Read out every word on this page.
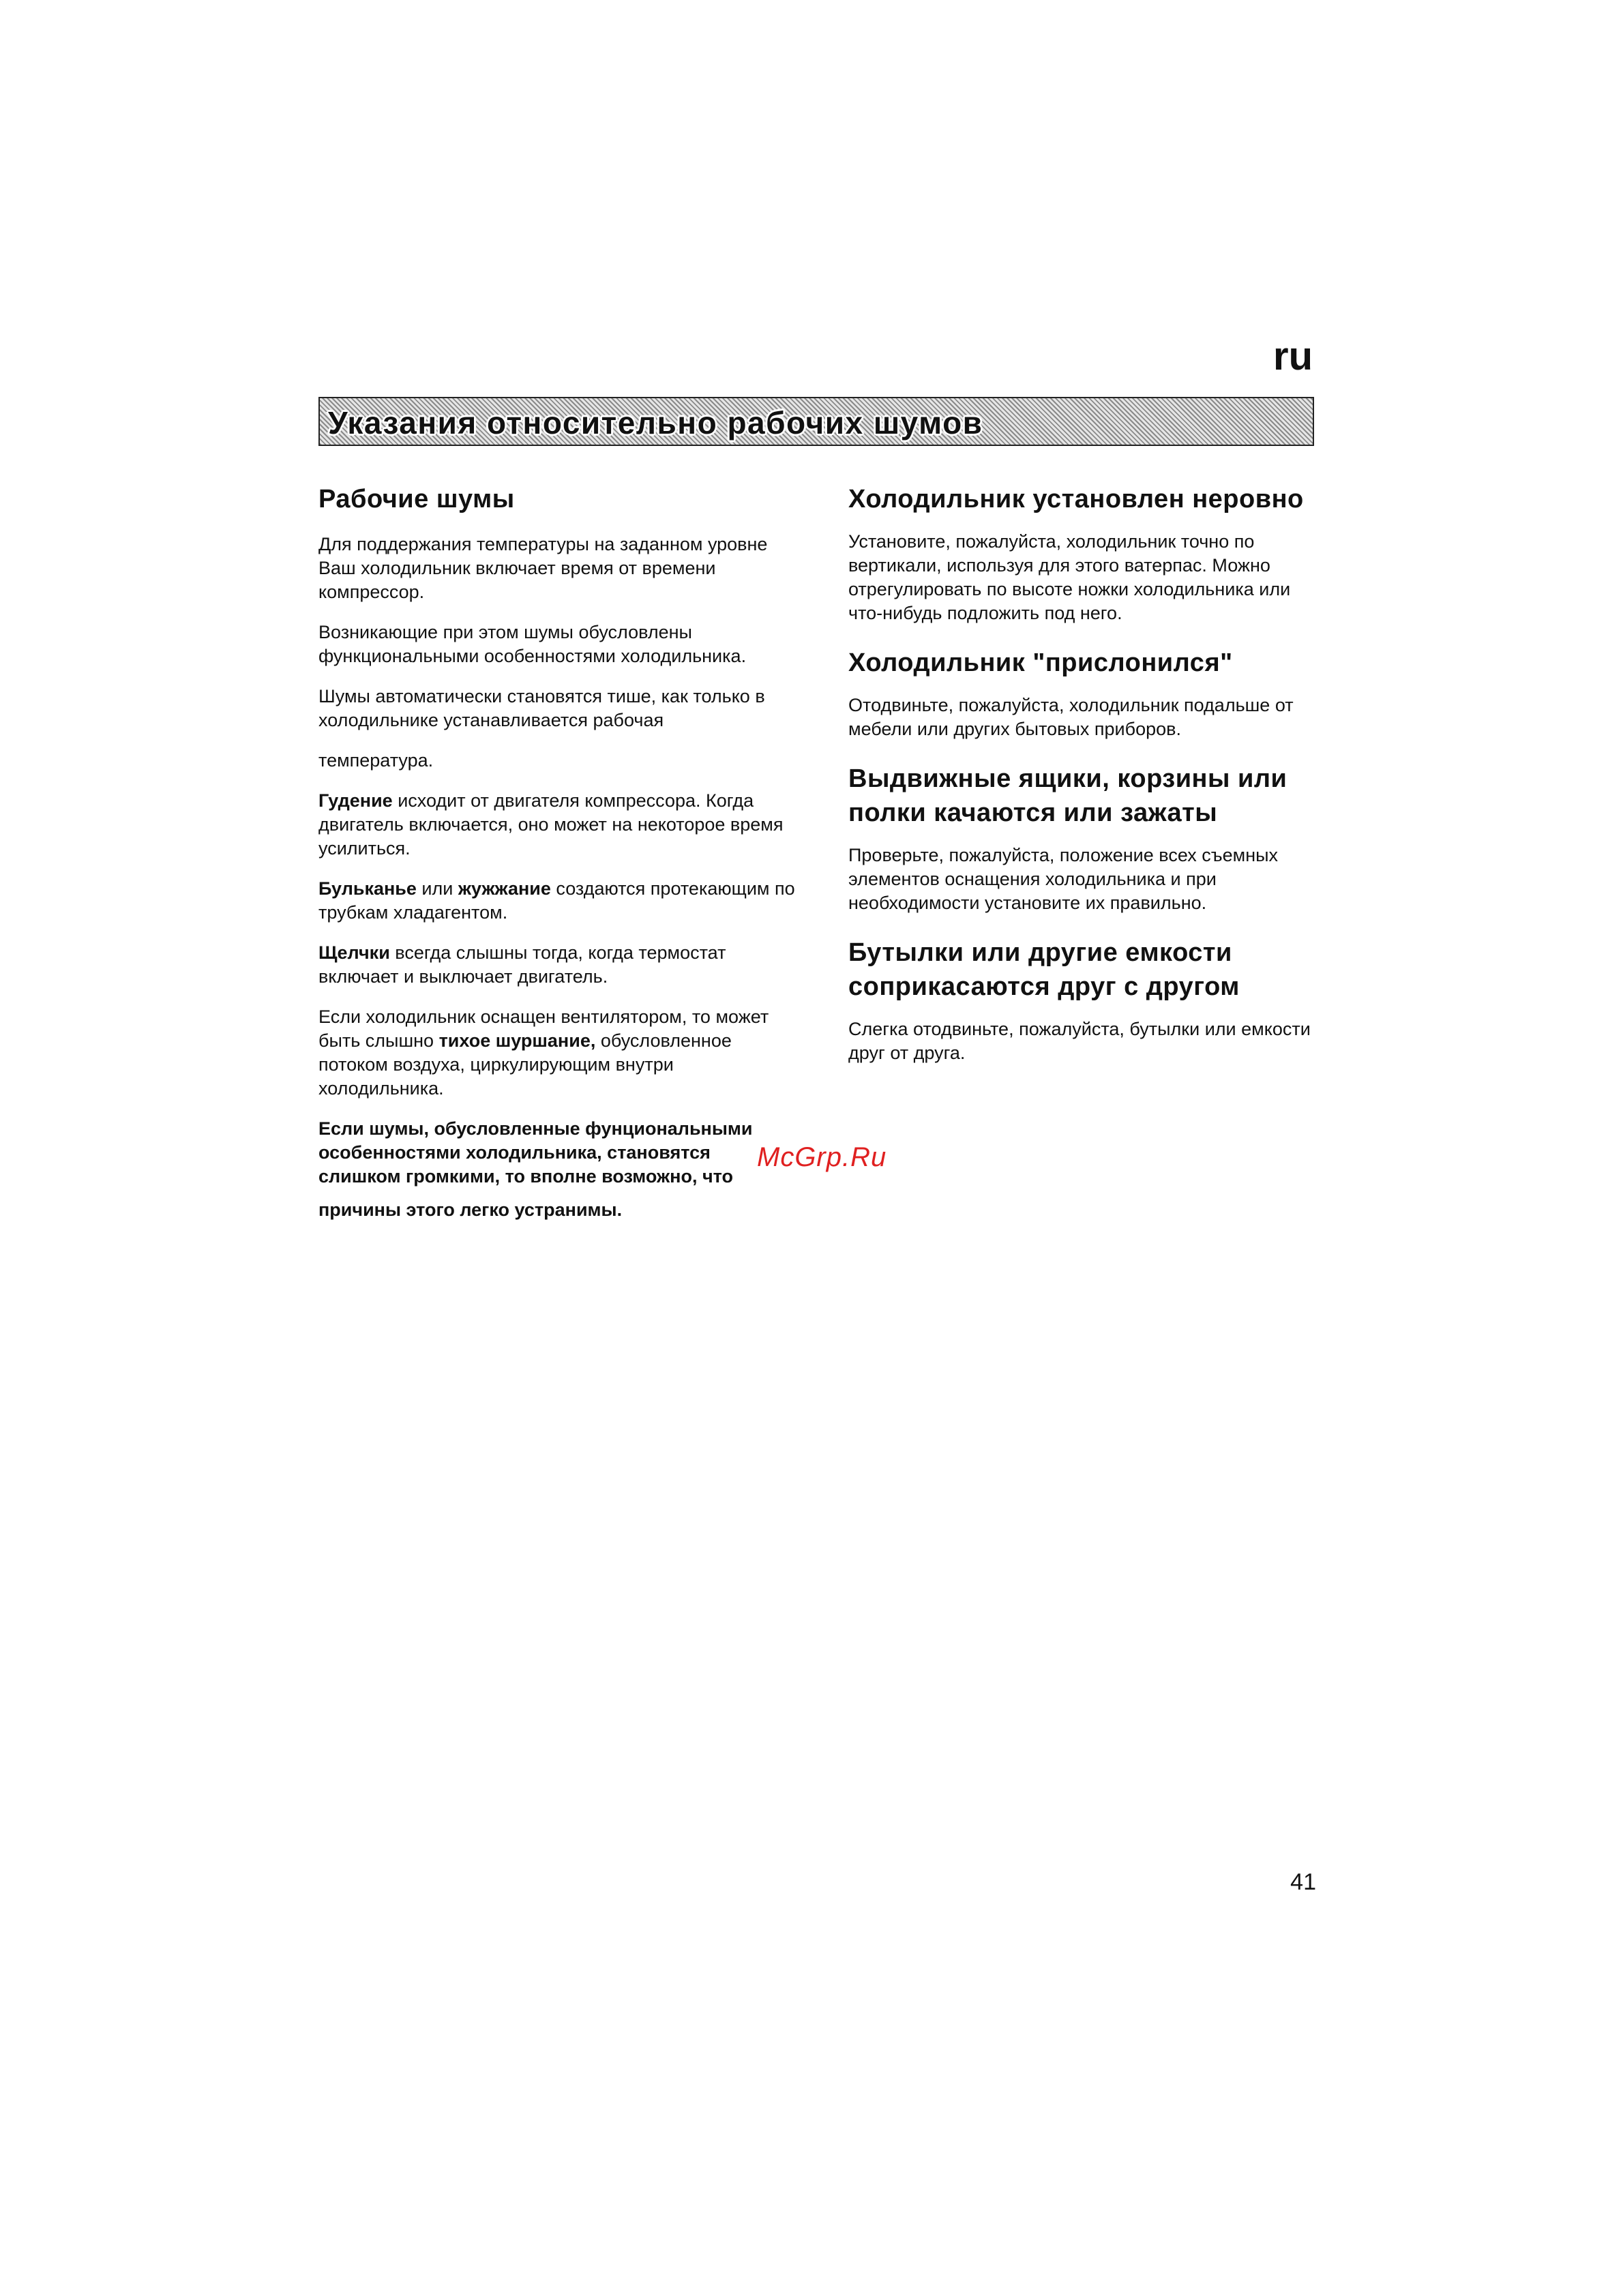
ru
Указания относительно рабочих шумов
Рабочие шумы

Для поддержания температуры на заданном уровне Ваш холодильник включает время от времени компрессор.

Возникающие при этом шумы обусловлены функциональными особенностями холодильника.

Шумы автоматически становятся тише, как только в холодильнике устанавливается рабочая

температура.

Гудение исходит от двигателя компрессора. Когда двигатель включается, оно может на некоторое время усилиться.

Бульканье или жужжание создаются протекающим по трубкам хладагентом.

Щелчки всегда слышны тогда, когда термостат включает и выключает двигатель.

Если холодильник оснащен вентилятором, то может быть слышно тихое шуршание, обусловленное потоком воздуха, циркулирующим внутри холодильника.

Если шумы, обусловленные фунциональными особенностями холодильника, становятся слишком громкими, то вполне возможно, что

причины этого легко устранимы.

Холодильник установлен неровно

Установите, пожалуйста, холодильник точно по вертикали, используя для этого ватерпас. Можно отрегулировать по высоте ножки холодильника или что-нибудь подложить под него.

Холодильник "прислонился"

Отодвиньте, пожалуйста, холодильник подальше от мебели или других бытовых приборов.

Выдвижные ящики, корзины или полки качаются или зажаты

Проверьте, пожалуйста, положение всех съемных элементов оснащения холодильника и при необходимости установите их правильно.

Бутылки или другие емкости соприкасаются друг с другом

Слегка отодвиньте, пожалуйста, бутылки или емкости друг от друга.

McGrp.Ru
41
